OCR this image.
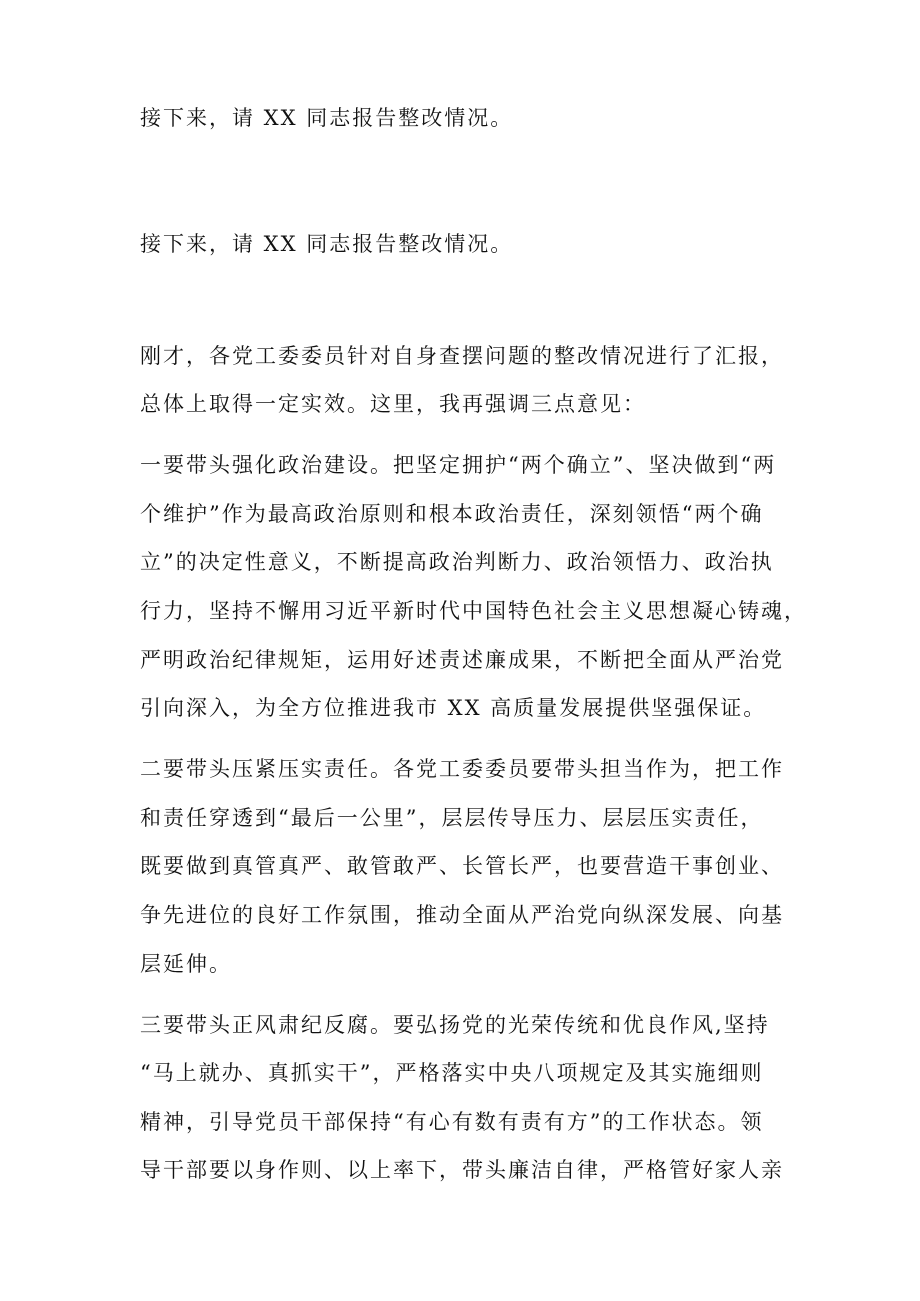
接下来，请 XX 同志报告整改情况。
接下来，请 XX 同志报告整改情况。
刚才，各党工委委员针对自身查摆问题的整改情况进行了汇报，
总体上取得一定实效。这里，我再强调三点意见：
一要带头强化政治建设。把坚定拥护“两个确立”、坚决做到“两
个维护”作为最高政治原则和根本政治责任，深刻领悟“两个确
立”的决定性意义，不断提高政治判断力、政治领悟力、政治执
行力，坚持不懈用习近平新时代中国特色社会主义思想凝心铸魂，
严明政治纪律规矩，运用好述责述廉成果，不断把全面从严治党
引向深入，为全方位推进我市 XX 高质量发展提供坚强保证。
二要带头压紧压实责任。各党工委委员要带头担当作为，把工作
和责任穿透到“最后一公里”，层层传导压力、层层压实责任，
既要做到真管真严、敢管敢严、长管长严，也要营造干事创业、
争先进位的良好工作氛围，推动全面从严治党向纵深发展、向基
层延伸。
三要带头正风肃纪反腐。要弘扬党的光荣传统和优良作风,坚持
“马上就办、真抓实干”，严格落实中央八项规定及其实施细则
精神，引导党员干部保持“有心有数有责有方”的工作状态。领
导干部要以身作则、以上率下，带头廉洁自律，严格管好家人亲
